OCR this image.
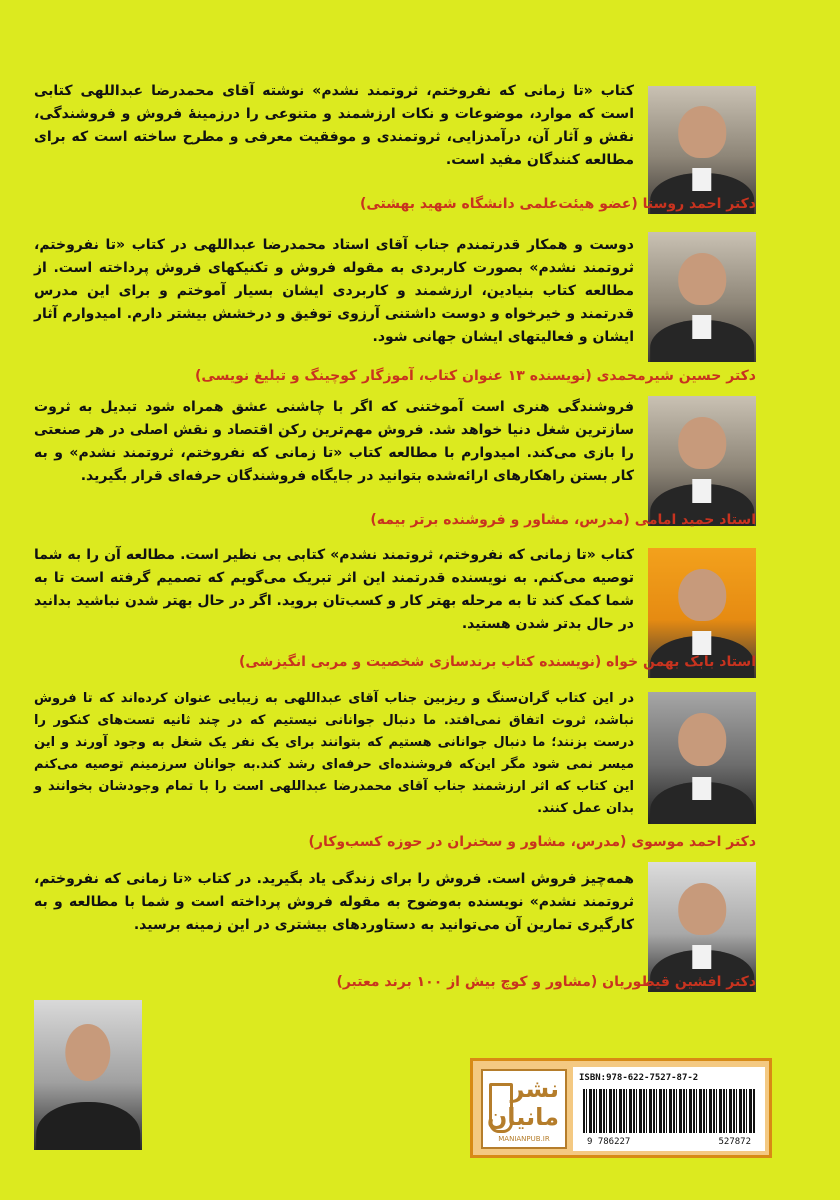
کتاب «تا زمانی که نفروختم، ثروتمند نشدم» نوشته آقای محمدرضا عبداللهی کتابی است که موارد، موضوعات و نکات ارزشمند و متنوعی را درزمینهٔ فروش و فروشندگی، نقش و آثار آن، درآمدزایی، ثروتمندی و موفقیت معرفی و مطرح ساخته است که برای مطالعه کنندگان مفید است.
دکتر احمد روستا (عضو هیئت‌علمی دانشگاه شهید بهشتی)
دوست و همکار قدرتمندم جناب آقای استاد محمدرضا عبداللهی در کتاب «تا نفروختم، ثروتمند نشدم» بصورت کاربردی به مقوله فروش و تکنیکهای فروش پرداخته است. از مطالعه کتاب بنیادین، ارزشمند و کاربردی ایشان بسیار آموختم و برای این مدرس قدرتمند و خیرخواه و دوست داشتنی آرزوی توفیق و درخشش بیشتر دارم. امیدوارم آثار ایشان و فعالیتهای ایشان جهانی شود.
دکتر حسین شیرمحمدی (نویسنده ۱۳ عنوان کتاب، آموزگار کوچینگ و تبلیغ نویسی)
فروشندگی هنری است آموختنی که اگر با چاشنی عشق همراه شود تبدیل به ثروت سازترین شغل دنیا خواهد شد. فروش مهم‌ترین رکن اقتصاد و نقش اصلی در هر صنعتی را بازی می‌کند. امیدوارم با مطالعه کتاب «تا زمانی که نفروختم، ثروتمند نشدم» و به کار بستن راهکارهای ارائه‌شده بتوانید در جایگاه فروشندگان حرفه‌ای قرار بگیرید.
استاد حمید امامی (مدرس، مشاور و فروشنده برتر بیمه)
کتاب «تا زمانی که نفروختم، ثروتمند نشدم» کتابی بی نظیر است. مطالعه آن را به شما توصیه می‌کنم. به نویسنده قدرتمند این اثر تبریک می‌گویم که تصمیم گرفته است تا به شما کمک کند تا به مرحله بهتر کار و کسب‌تان بروید. اگر در حال بهتر شدن نباشید بدانید در حال بدتر شدن هستید.
استاد بابک بهمن خواه (نویسنده کتاب برندسازی شخصیت و مربی انگیزشی)
در این کتاب گران‌سنگ و ریزبین جناب آقای عبداللهی به زیبایی عنوان کرده‌اند که تا فروش نباشد، ثروت اتفاق نمی‌افتد. ما دنبال جوانانی نیستیم که در چند ثانیه تست‌های کنکور را درست بزنند؛ ما دنبال جوانانی هستیم که بتوانند برای یک نفر یک شغل به وجود آورند و این میسر نمی شود مگر این‌که فروشنده‌ای حرفه‌ای رشد کند.به جوانان سرزمینم توصیه می‌کنم این کتاب که اثر ارزشمند جناب آقای محمدرضا عبداللهی است را با تمام وجودشان بخوانند و بدان عمل کنند.
دکتر احمد موسوی (مدرس، مشاور و سخنران در حوزه کسب‌وکار)
همه‌چیز فروش است. فروش را برای زندگی یاد بگیرید. در کتاب «تا زمانی که نفروختم، ثروتمند نشدم» نویسنده به‌وضوح به مقوله فروش پرداخته است و شما با مطالعه و به کارگیری تمارین آن می‌توانید به دستاوردهای بیشتری در این زمینه برسید.
دکتر افشین قیطوریان (مشاور و کوچ بیش از ۱۰۰ برند معتبر)
نشر
مانیان
MANIANPUB.IR
ISBN:978-622-7527-87-2
9 786227	527872
